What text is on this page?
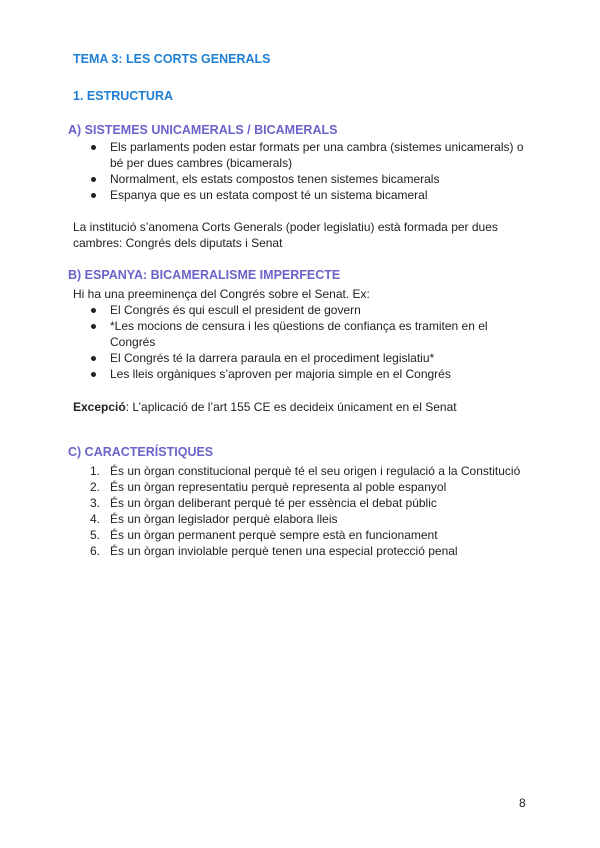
TEMA 3: LES CORTS GENERALS
1. ESTRUCTURA
A) SISTEMES UNICAMERALS / BICAMERALS
Els parlaments poden estar formats per una cambra (sistemes unicamerals) o
bé per dues cambres (bicamerals)
Normalment, els estats compostos tenen sistemes bicamerals
Espanya que es un estata compost té un sistema bicameral
La institució s’anomena Corts Generals (poder legislatiu) està formada per dues
cambres: Congrés dels diputats i Senat
B) ESPANYA: BICAMERALISME IMPERFECTE
Hi ha una preeminença del Congrés sobre el Senat. Ex:
El Congrés és qui escull el president de govern
*Les mocions de censura i les qüestions de confiança es tramiten en el
Congrés
El Congrés té la darrera paraula en el procediment legislatiu*
Les lleis orgàniques s’aproven per majoria simple en el Congrés
Excepció: L’aplicació de l’art 155 CE es decideix únicament en el Senat
C) CARACTERÍSTIQUES
1. És un òrgan constitucional perquè té el seu origen i regulació a la Constitució
2. És un òrgan representatiu perquè representa al poble espanyol
3. És un òrgan deliberant perquè té per essència el debat públic
4. És un òrgan legislador perquè elabora lleis
5. És un òrgan permanent perquè sempre està en funcionament
6. És un òrgan inviolable perquè tenen una especial protecció penal
8
